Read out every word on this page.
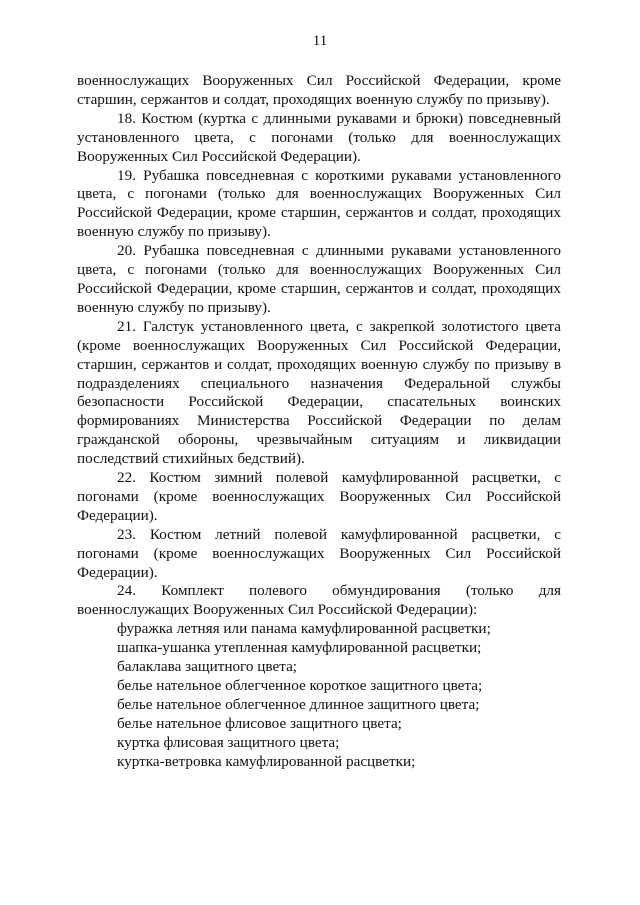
11

военнослужащих Вооруженных Сил Российской Федерации, кроме старшин, сержантов и солдат, проходящих военную службу по призыву).

18. Костюм (куртка с длинными рукавами и брюки) повседневный установленного цвета, с погонами (только для военнослужащих Вооруженных Сил Российской Федерации).

19. Рубашка повседневная с короткими рукавами установленного цвета, с погонами (только для военнослужащих Вооруженных Сил Российской Федерации, кроме старшин, сержантов и солдат, проходящих военную службу по призыву).

20. Рубашка повседневная с длинными рукавами установленного цвета, с погонами (только для военнослужащих Вооруженных Сил Российской Федерации, кроме старшин, сержантов и солдат, проходящих военную службу по призыву).

21. Галстук установленного цвета, с закрепкой золотистого цвета (кроме военнослужащих Вооруженных Сил Российской Федерации, старшин, сержантов и солдат, проходящих военную службу по призыву в подразделениях специального назначения Федеральной службы безопасности Российской Федерации, спасательных воинских формированиях Министерства Российской Федерации по делам гражданской обороны, чрезвычайным ситуациям и ликвидации последствий стихийных бедствий).

22. Костюм зимний полевой камуфлированной расцветки, с погонами (кроме военнослужащих Вооруженных Сил Российской Федерации).

23. Костюм летний полевой камуфлированной расцветки, с погонами (кроме военнослужащих Вооруженных Сил Российской Федерации).

24. Комплект полевого обмундирования (только для военнослужащих Вооруженных Сил Российской Федерации):

фуражка летняя или панама камуфлированной расцветки;

шапка-ушанка утепленная камуфлированной расцветки;

балаклава защитного цвета;

белье нательное облегченное короткое защитного цвета;

белье нательное облегченное длинное защитного цвета;

белье нательное флисовое защитного цвета;

куртка флисовая защитного цвета;

куртка-ветровка камуфлированной расцветки;
